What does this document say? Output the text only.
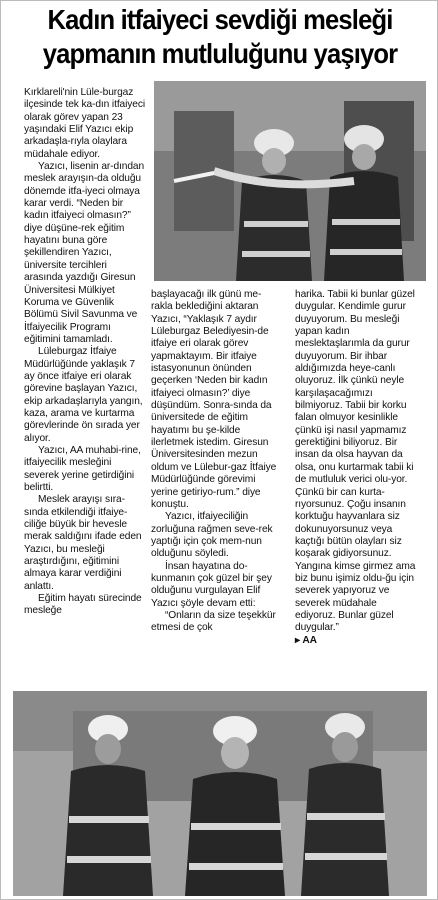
Kadın itfaiyeci sevdiği mesleği
yapmanın mutluluğunu yaşıyor

Kırklareli'nin Lüle-burgaz ilçesinde tek ka-dın itfaiyeci olarak görev yapan 23 yaşındaki Elif Yazıcı ekip arkadaşla-rıyla olaylara müdahale ediyor.

Yazıcı, lisenin ar-dından meslek arayışın-da olduğu dönemde itfa-iyeci olmaya karar verdi. “Neden bir kadın itfaiyeci olmasın?” diye düşüne-rek eğitim hayatını buna göre şekillendiren Yazıcı, üniversite tercihleri arasında yazdığı Giresun Üniversitesi Mülkiyet Koruma ve Güvenlik Bölümü Sivil Savunma ve İtfaiyecilik Programı eğitimini tamamladı.

Lüleburgaz İtfaiye Müdürlüğünde yaklaşık 7 ay önce itfaiye eri olarak görevine başlayan Yazıcı, ekip arkadaşlarıyla yangın, kaza, arama ve kurtarma görevlerinde ön sırada yer alıyor.

Yazıcı, AA muhabi-rine, itfaiyecilik mesleğini severek yerine getirdiğini belirtti.

Meslek arayışı sıra-sında etkilendiği itfaiye-ciliğe büyük bir hevesle merak saldığını ifade eden Yazıcı, bu mesleği araştırdığını, eğitimini almaya karar verdiğini anlattı.

Eğitim hayatı sürecinde mesleğe

başlayacağı ilk günü me-rakla beklediğini aktaran Yazıcı, “Yaklaşık 7 aydır Lüleburgaz Belediyesin-de itfaiye eri olarak görev yapmaktayım. Bir itfaiye istasyonunun önünden geçerken ‘Neden bir kadın itfaiyeci olmasın?’ diye düşündüm. Sonra-sında da üniversitede de eğitim hayatımı bu şe-kilde ilerletmek istedim. Giresun Üniversitesinden mezun oldum ve Lülebur-gaz İtfaiye Müdürlüğünde görevimi yerine getiriyo-rum.” diye konuştu.

Yazıcı, itfaiyeciliğin zorluğuna rağmen seve-rek yaptığı için çok mem-nun olduğunu söyledi.

İnsan hayatına do-kunmanın çok güzel bir şey olduğunu vurgulayan Elif Yazıcı şöyle devam etti:

“Onların da size teşekkür etmesi de çok

harika. Tabii ki bunlar güzel duygular. Kendimle gurur duyuyorum. Bu mesleği yapan kadın meslektaşlarımla da gurur duyuyorum. Bir ihbar aldığımızda heye-canlı oluyoruz. İlk çünkü neyle karşılaşacağımızı bilmiyoruz. Tabii bir korku falan olmuyor kesinlikle çünkü işi nasıl yapmamız gerektiğini biliyoruz. Bir insan da olsa hayvan da olsa, onu kurtarmak tabii ki de mutluluk verici olu-yor. Çünkü bir can kurta-rıyorsunuz. Çoğu insanın korktuğu hayvanlara siz dokunuyorsunuz veya kaçtığı bütün olayları siz koşarak gidiyorsunuz. Yangına kimse girmez ama biz bunu işimiz oldu-ğu için severek yapıyoruz ve severek müdahale ediyoruz. Bunlar güzel duygular.”

▸ AA
